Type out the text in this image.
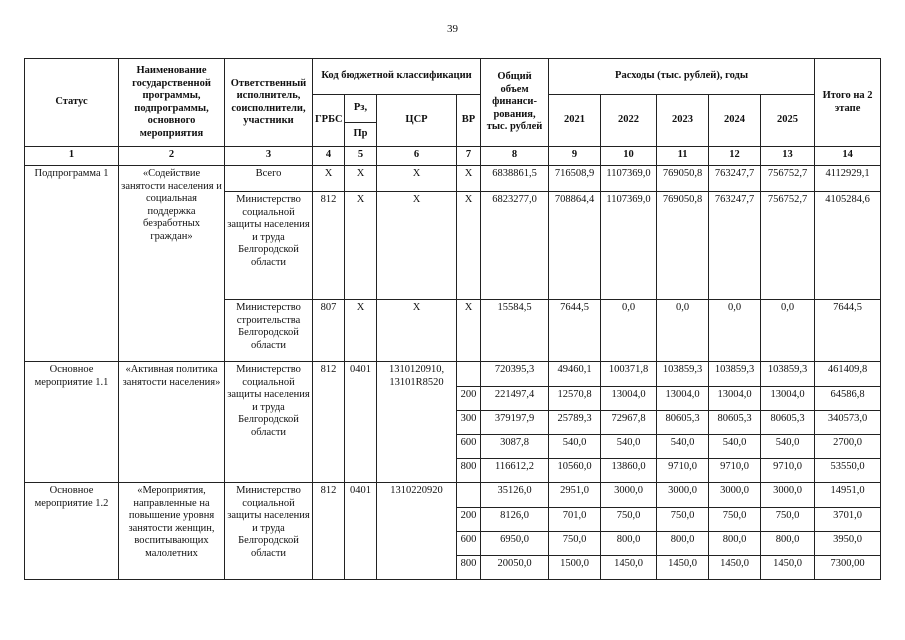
39
Статус	Наименование государственной программы, подпрограммы, основного мероприятия	Ответственный исполнитель, соисполнители, участники	Код бюджетной классификации				Общий объем финанси-рования, тыс. рублей	Расходы (тыс. рублей), годы					Итого на 2 этапе
			ГРБС	Рз,	ЦСР	ВР		2021	2022	2023	2024	2025	
				Пр									
1	2	3	4	5	6	7	8	9	10	11	12	13	14
Подпрограмма 1	«Содействие занятости населения и социальная поддержка безработных граждан»	Всего	Х	Х	Х	Х	6838861,5	716508,9	1107369,0	769050,8	763247,7	756752,7	4112929,1
		Министерство социальной защиты населения и труда Белгородской области	812	Х	Х	Х	6823277,0	708864,4	1107369,0	769050,8	763247,7	756752,7	4105284,6
		Министерство строительства Белгородской области	807	Х	Х	Х	15584,5	7644,5	0,0	0,0	0,0	0,0	7644,5
Основное мероприятие 1.1	«Активная политика занятости населения»	Министерство социальной защиты населения и труда Белгородской области	812	0401	1310120910, 13101R8520		720395,3	49460,1	100371,8	103859,3	103859,3	103859,3	461409,8
						200	221497,4	12570,8	13004,0	13004,0	13004,0	13004,0	64586,8
						300	379197,9	25789,3	72967,8	80605,3	80605,3	80605,3	340573,0
						600	3087,8	540,0	540,0	540,0	540,0	540,0	2700,0
						800	116612,2	10560,0	13860,0	9710,0	9710,0	9710,0	53550,0
Основное мероприятие 1.2	«Мероприятия, направленные на повышение уровня занятости женщин, воспитывающих малолетних	Министерство социальной защиты населения и труда Белгородской области	812	0401	1310220920		35126,0	2951,0	3000,0	3000,0	3000,0	3000,0	14951,0
						200	8126,0	701,0	750,0	750,0	750,0	750,0	3701,0
						600	6950,0	750,0	800,0	800,0	800,0	800,0	3950,0
						800	20050,0	1500,0	1450,0	1450,0	1450,0	1450,0	7300,00
